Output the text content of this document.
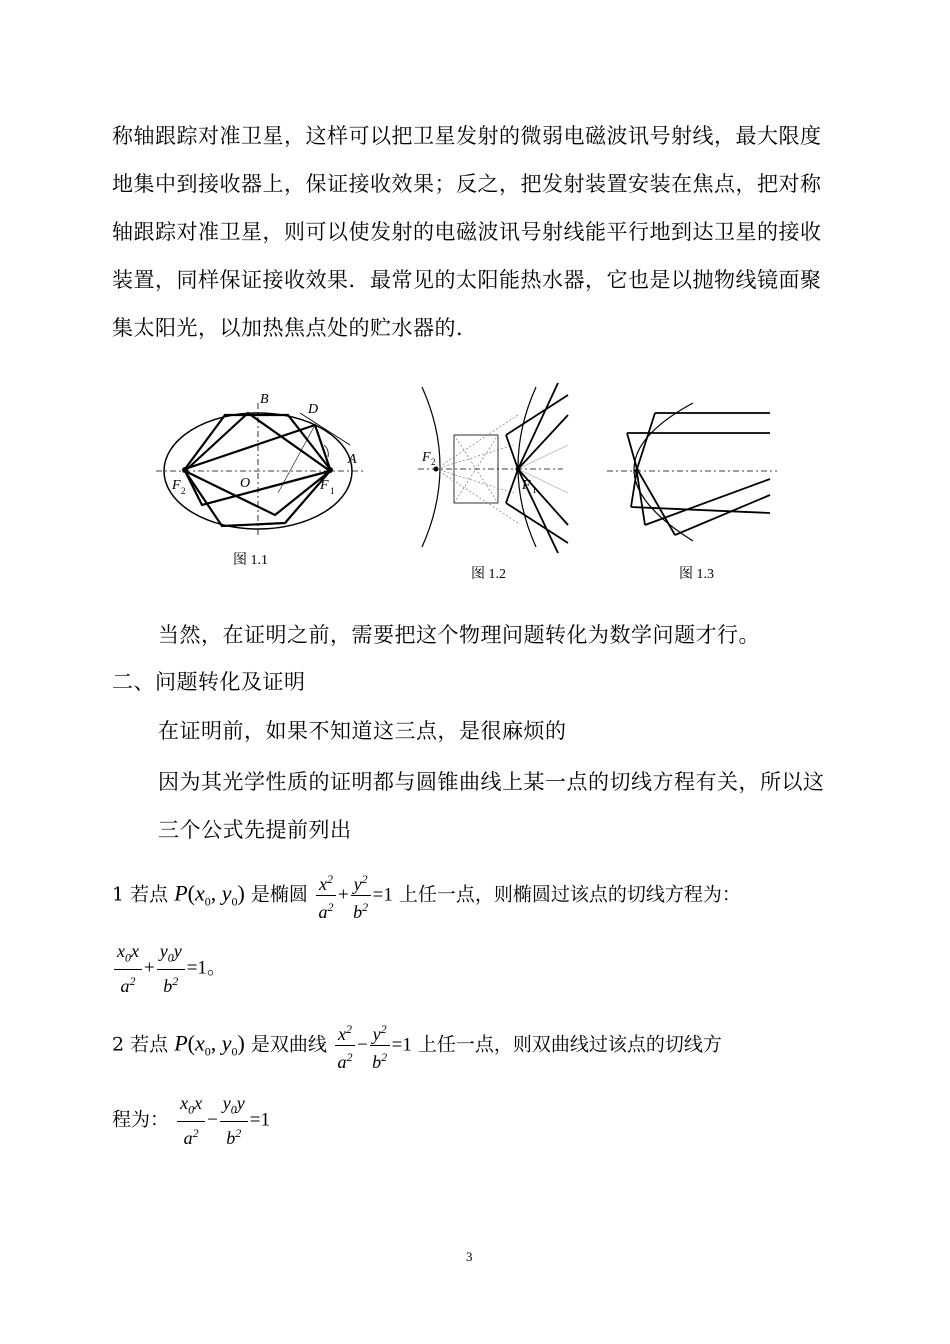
称轴跟踪对准卫星，这样可以把卫星发射的微弱电磁波讯号射线，最大限度地集中到接收器上，保证接收效果；反之，把发射装置安装在焦点，把对称轴跟踪对准卫星，则可以使发射的电磁波讯号射线能平行地到达卫星的接收装置，同样保证接收效果．最常见的太阳能热水器，它也是以抛物线镜面聚集太阳光，以加热焦点处的贮水器的．
B
D
A
O
F 2	F 1
图 1.1
F 2
F 1
图 1.2	图 1.3
当然，在证明之前，需要把这个物理问题转化为数学问题才行。
二、问题转化及证明
在证明前，如果不知道这三点，是很麻烦的
因为其光学性质的证明都与圆锥曲线上某一点的切线方程有关，所以这三个公式先提前列出
1 若点 $P(x_0$, $y_0$) 是椭圆 $\frac{x^2}{a^2} + \frac{y^2}{b^2} =1$ 上任一点，则椭圆过该点的切线方程为：
$\frac{x_0x}{a^2} + \frac{y_0y}{b^2} =1$。
2 若点 $P(x_0$, $y_0$) 是双曲线 $\frac{x^2}{a^2} - \frac{y^2}{b^2} =1$ 上任一点，则双曲线过该点的切线方
程为： $\frac{x_0x}{a^2} - \frac{y_0y}{b^2} =1$
3
